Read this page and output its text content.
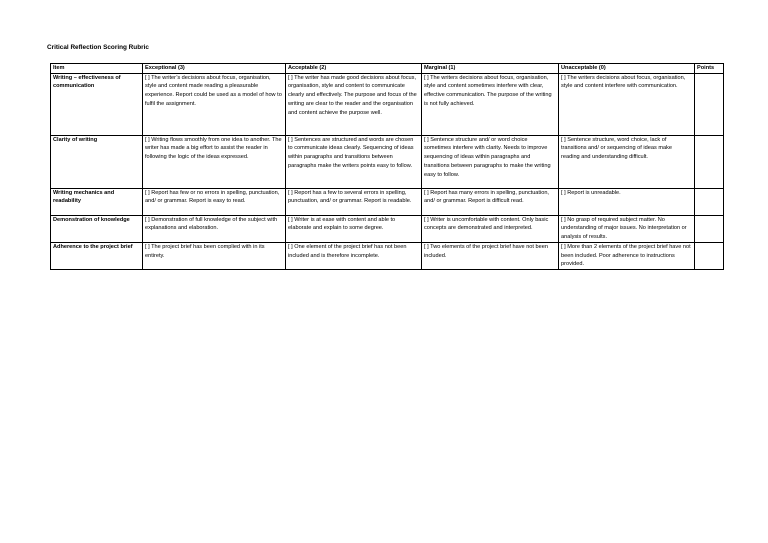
Critical Reflection Scoring Rubric
Item	Exceptional (3)	Acceptable (2)	Marginal (1)	Unacceptable (0)	Points
Writing – effectiveness of communication	[ ] The writer’s decisions about focus, organisation, style and content made reading a pleasurable experience. Report could be used as a model of how to fulfil the assignment.	[ ] The writer has made good decisions about focus, organisation, style and content to communicate clearly and effectively. The purpose and focus of the writing are clear to the reader and the organisation and content achieve the purpose well.	[ ] The writers decisions about focus, organisation, style and content sometimes interfere with clear, effective communication. The purpose of the writing is not fully achieved.	[ ] The writers decisions about focus, organisation, style and content interfere with communication.	
Clarity of writing	[ ] Writing flows smoothly from one idea to another. The writer has made a big effort to assist the reader in following the logic of the ideas expressed.	[ ] Sentences are structured and words are chosen to communicate ideas clearly. Sequencing of ideas within paragraphs and transitions between paragraphs make the writers points easy to follow.	[ ] Sentence structure and/ or word choice sometimes interfere with clarity. Needs to improve sequencing of ideas within paragraphs and transitions between paragraphs to make the writing easy to follow.	[ ] Sentence structure, word choice, lack of transitions and/ or sequencing of ideas make reading and understanding difficult.	
Writing mechanics and readability	[ ] Report has few or no errors in spelling, punctuation, and/ or grammar. Report is easy to read.	[ ] Report has a few to several errors in spelling, punctuation, and/ or grammar. Report is readable.	[ ] Report has many errors in spelling, punctuation, and/ or grammar. Report is difficult read.	[ ] Report is unreadable.	
Demonstration of knowledge	[ ] Demonstration of full knowledge of the subject with explanations and elaboration.	[ ] Writer is at ease with content and able to elaborate and explain to some degree.	[ ] Writer is uncomfortable with content. Only basic concepts are demonstrated and interpreted.	[ ] No grasp of required subject matter. No understanding of major issues. No interpretation or analysis of results.	
Adherence to the project brief	[ ] The project brief has been complied with in its entirety.	[ ] One element of the project brief has not been included and is therefore incomplete.	[ ] Two elements of the project brief have not been included.	[ ] More than 2 elements of the project brief have not been included. Poor adherence to instructions provided.	
